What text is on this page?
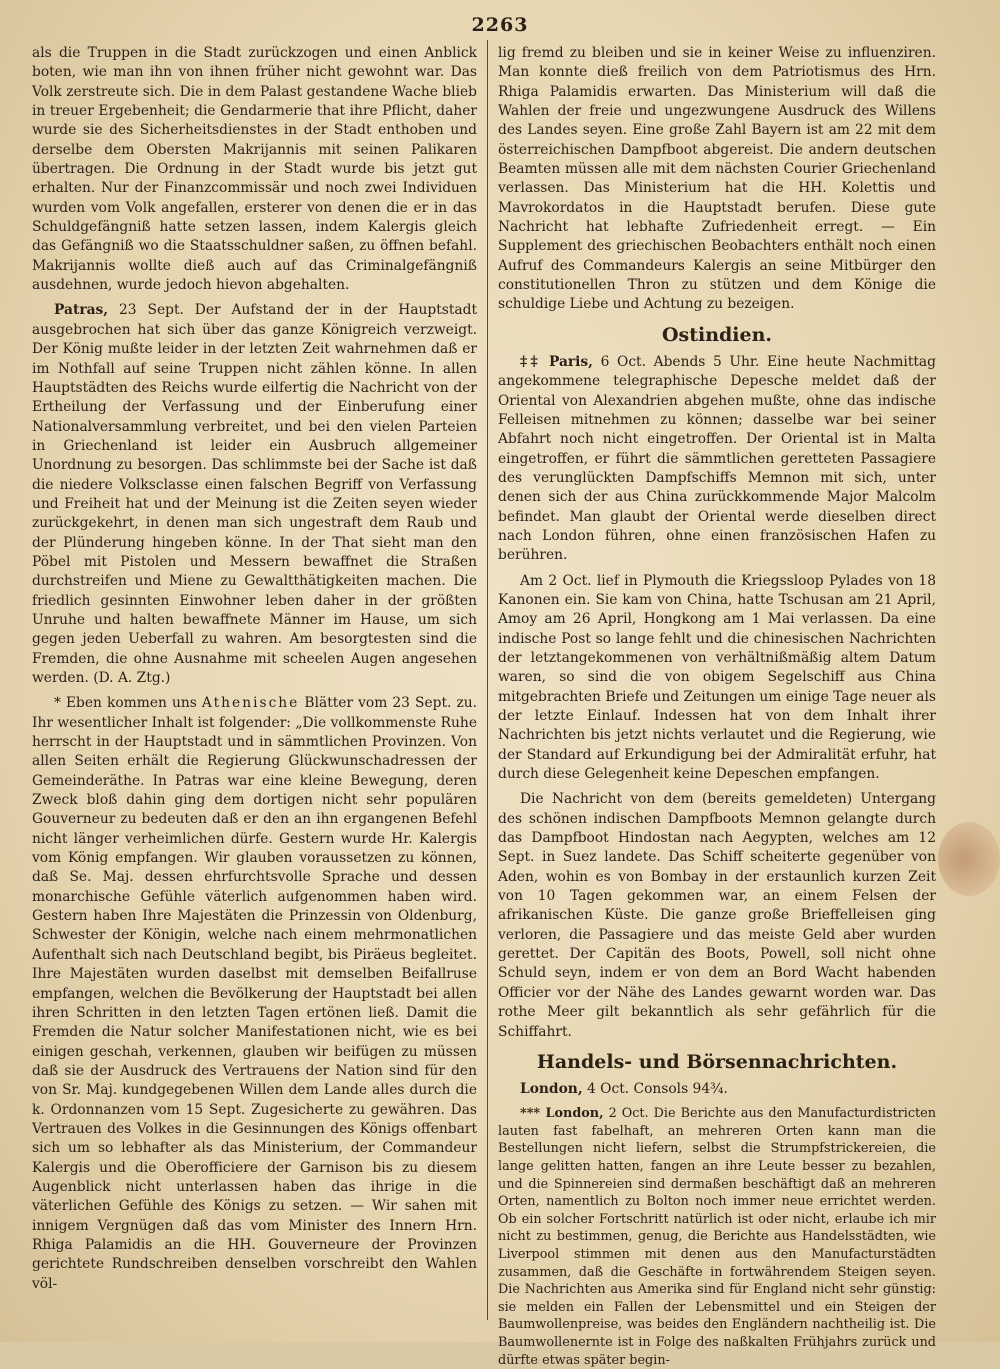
2263

als die Truppen in die Stadt zurückzogen und einen Anblick boten, wie man ihn von ihnen früher nicht gewohnt war. Das Volk zerstreute sich. Die in dem Palast gestandene Wache blieb in treuer Ergebenheit; die Gendarmerie that ihre Pflicht, daher wurde sie des Sicherheitsdienstes in der Stadt enthoben und derselbe dem Obersten Makrijannis mit seinen Palikaren übertragen. Die Ordnung in der Stadt wurde bis jetzt gut erhalten. Nur der Finanzcommissär und noch zwei Individuen wurden vom Volk angefallen, ersterer von denen die er in das Schuldgefängniß hatte setzen lassen, indem Kalergis gleich das Gefängniß wo die Staatsschuldner saßen, zu öffnen befahl. Makrijannis wollte dieß auch auf das Criminalgefängniß ausdehnen, wurde jedoch hievon abgehalten.

Patras, 23 Sept. Der Aufstand der in der Hauptstadt ausgebrochen hat sich über das ganze Königreich verzweigt. Der König mußte leider in der letzten Zeit wahrnehmen daß er im Nothfall auf seine Truppen nicht zählen könne. In allen Hauptstädten des Reichs wurde eilfertig die Nachricht von der Ertheilung der Verfassung und der Einberufung einer Nationalversammlung verbreitet, und bei den vielen Parteien in Griechenland ist leider ein Ausbruch allgemeiner Unordnung zu besorgen. Das schlimmste bei der Sache ist daß die niedere Volksclasse einen falschen Begriff von Verfassung und Freiheit hat und der Meinung ist die Zeiten seyen wieder zurückgekehrt, in denen man sich ungestraft dem Raub und der Plünderung hingeben könne. In der That sieht man den Pöbel mit Pistolen und Messern bewaffnet die Straßen durchstreifen und Miene zu Gewaltthätigkeiten machen. Die friedlich gesinnten Einwohner leben daher in der größten Unruhe und halten bewaffnete Männer im Hause, um sich gegen jeden Ueberfall zu wahren. Am besorgtesten sind die Fremden, die ohne Ausnahme mit scheelen Augen angesehen werden. (D. A. Ztg.)

* Eben kommen uns Athenische Blätter vom 23 Sept. zu. Ihr wesentlicher Inhalt ist folgender: „Die vollkommenste Ruhe herrscht in der Hauptstadt und in sämmtlichen Provinzen. Von allen Seiten erhält die Regierung Glückwunschadressen der Gemeinderäthe. In Patras war eine kleine Bewegung, deren Zweck bloß dahin ging dem dortigen nicht sehr populären Gouverneur zu bedeuten daß er den an ihn ergangenen Befehl nicht länger verheimlichen dürfe. Gestern wurde Hr. Kalergis vom König empfangen. Wir glauben voraussetzen zu können, daß Se. Maj. dessen ehrfurchtsvolle Sprache und dessen monarchische Gefühle väterlich aufgenommen haben wird. Gestern haben Ihre Majestäten die Prinzessin von Oldenburg, Schwester der Königin, welche nach einem mehrmonatlichen Aufenthalt sich nach Deutschland begibt, bis Piräeus begleitet. Ihre Majestäten wurden daselbst mit demselben Beifallruse empfangen, welchen die Bevölkerung der Hauptstadt bei allen ihren Schritten in den letzten Tagen ertönen ließ. Damit die Fremden die Natur solcher Manifestationen nicht, wie es bei einigen geschah, verkennen, glauben wir beifügen zu müssen daß sie der Ausdruck des Vertrauens der Nation sind für den von Sr. Maj. kundgegebenen Willen dem Lande alles durch die k. Ordonnanzen vom 15 Sept. Zugesicherte zu gewähren. Das Vertrauen des Volkes in die Gesinnungen des Königs offenbart sich um so lebhafter als das Ministerium, der Commandeur Kalergis und die Oberofficiere der Garnison bis zu diesem Augenblick nicht unterlassen haben das ihrige in die väterlichen Gefühle des Königs zu setzen. — Wir sahen mit innigem Vergnügen daß das vom Minister des Innern Hrn. Rhiga Palamidis an die HH. Gouverneure der Provinzen gerichtete Rundschreiben denselben vorschreibt den Wahlen völ-

lig fremd zu bleiben und sie in keiner Weise zu influenziren. Man konnte dieß freilich von dem Patriotismus des Hrn. Rhiga Palamidis erwarten. Das Ministerium will daß die Wahlen der freie und ungezwungene Ausdruck des Willens des Landes seyen. Eine große Zahl Bayern ist am 22 mit dem österreichischen Dampfboot abgereist. Die andern deutschen Beamten müssen alle mit dem nächsten Courier Griechenland verlassen. Das Ministerium hat die HH. Kolettis und Mavrokordatos in die Hauptstadt berufen. Diese gute Nachricht hat lebhafte Zufriedenheit erregt. — Ein Supplement des griechischen Beobachters enthält noch einen Aufruf des Commandeurs Kalergis an seine Mitbürger den constitutionellen Thron zu stützen und dem Könige die schuldige Liebe und Achtung zu bezeigen.

Ostindien.

‡‡ Paris, 6 Oct. Abends 5 Uhr. Eine heute Nachmittag angekommene telegraphische Depesche meldet daß der Oriental von Alexandrien abgehen mußte, ohne das indische Felleisen mitnehmen zu können; dasselbe war bei seiner Abfahrt noch nicht eingetroffen. Der Oriental ist in Malta eingetroffen, er führt die sämmtlichen geretteten Passagiere des verunglückten Dampfschiffs Memnon mit sich, unter denen sich der aus China zurückkommende Major Malcolm befindet. Man glaubt der Oriental werde dieselben direct nach London führen, ohne einen französischen Hafen zu berühren.

Am 2 Oct. lief in Plymouth die Kriegssloop Pylades von 18 Kanonen ein. Sie kam von China, hatte Tschusan am 21 April, Amoy am 26 April, Hongkong am 1 Mai verlassen. Da eine indische Post so lange fehlt und die chinesischen Nachrichten der letztangekommenen von verhältnißmäßig altem Datum waren, so sind die von obigem Segelschiff aus China mitgebrachten Briefe und Zeitungen um einige Tage neuer als der letzte Einlauf. Indessen hat von dem Inhalt ihrer Nachrichten bis jetzt nichts verlautet und die Regierung, wie der Standard auf Erkundigung bei der Admiralität erfuhr, hat durch diese Gelegenheit keine Depeschen empfangen.

Die Nachricht von dem (bereits gemeldeten) Untergang des schönen indischen Dampfboots Memnon gelangte durch das Dampfboot Hindostan nach Aegypten, welches am 12 Sept. in Suez landete. Das Schiff scheiterte gegenüber von Aden, wohin es von Bombay in der erstaunlich kurzen Zeit von 10 Tagen gekommen war, an einem Felsen der afrikanischen Küste. Die ganze große Brieffelleisen ging verloren, die Passagiere und das meiste Geld aber wurden gerettet. Der Capitän des Boots, Powell, soll nicht ohne Schuld seyn, indem er von dem an Bord Wacht habenden Officier vor der Nähe des Landes gewarnt worden war. Das rothe Meer gilt bekanntlich als sehr gefährlich für die Schiffahrt.

Handels- und Börsennachrichten.

London, 4 Oct. Consols 94¾.

*** London, 2 Oct. Die Berichte aus den Manufacturdistricten lauten fast fabelhaft, an mehreren Orten kann man die Bestellungen nicht liefern, selbst die Strumpfstrickereien, die lange gelitten hatten, fangen an ihre Leute besser zu bezahlen, und die Spinnereien sind dermaßen beschäftigt daß an mehreren Orten, namentlich zu Bolton noch immer neue errichtet werden. Ob ein solcher Fortschritt natürlich ist oder nicht, erlaube ich mir nicht zu bestimmen, genug, die Berichte aus Handelsstädten, wie Liverpool stimmen mit denen aus den Manufacturstädten zusammen, daß die Geschäfte in fortwährendem Steigen seyen. Die Nachrichten aus Amerika sind für England nicht sehr günstig: sie melden ein Fallen der Lebensmittel und ein Steigen der Baumwollenpreise, was beides den Engländern nachtheilig ist. Die Baumwollenernte ist in Folge des naßkalten Frühjahrs zurück und dürfte etwas später begin-
